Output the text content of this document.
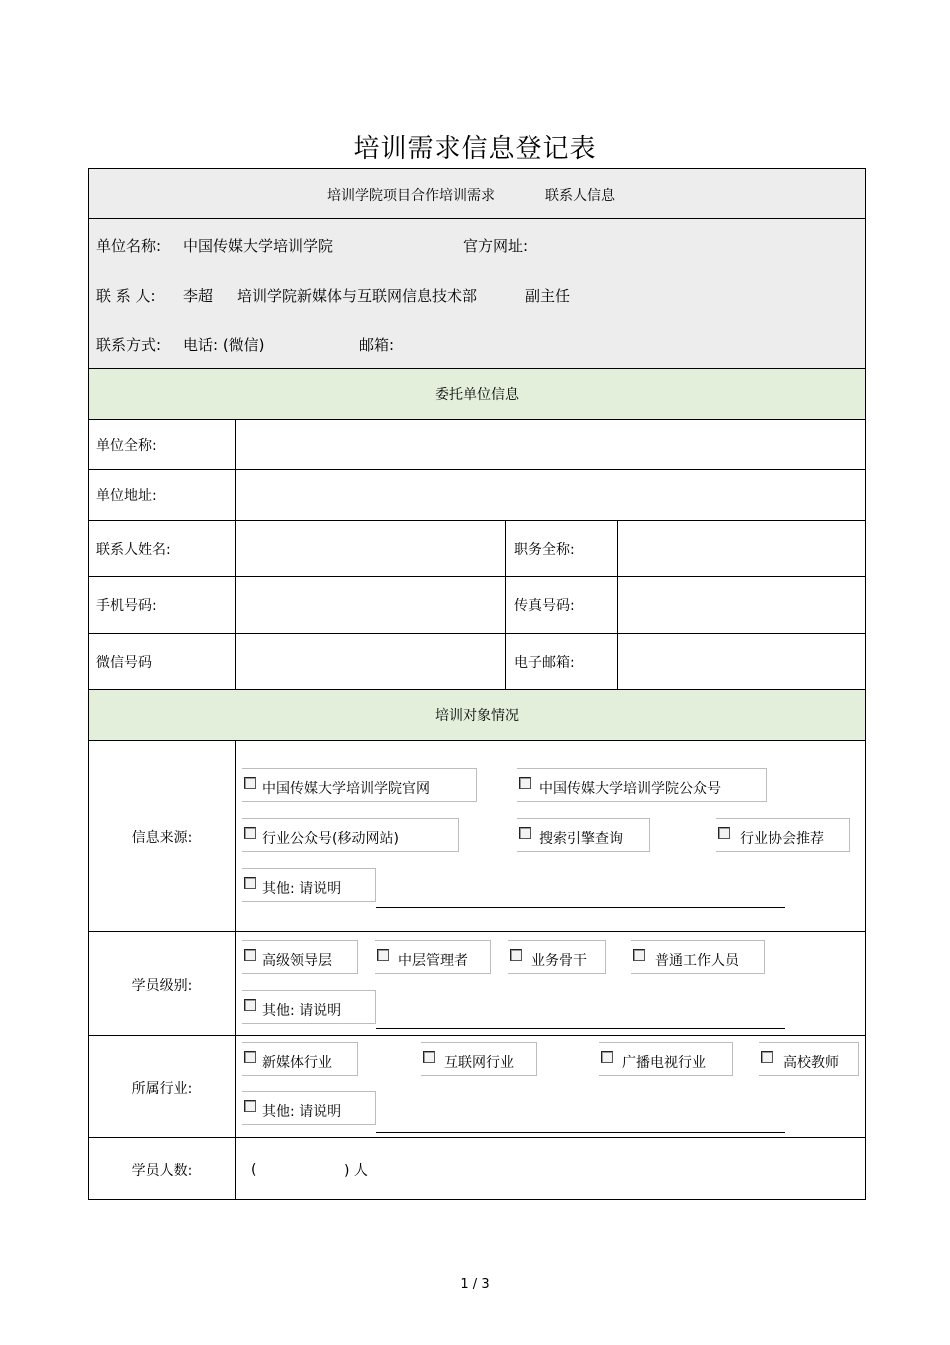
培训需求信息登记表
培训学院项目合作培训需求	联系人信息
单位名称: 中国传媒大学培训学院	官方网址:
联 系 人: 李超 培训学院新媒体与互联网信息技术部	副主任
联系方式: 电话: (微信)	邮箱:
委托单位信息
单位全称:
单位地址:
联系人姓名:	职务全称:
手机号码:	传真号码:
微信号码	电子邮箱:
培训对象情况
信息来源:
中国传媒大学培训学院官网	中国传媒大学培训学院公众号
行业公众号(移动网站)	搜索引擎查询	行业协会推荐
其他: 请说明
学员级别:
高级领导层	中层管理者	业务骨干	普通工作人员
其他: 请说明
所属行业:
新媒体行业	互联网行业	广播电视行业	高校教师
其他: 请说明
学员人数:	(	) 人
1 / 3
